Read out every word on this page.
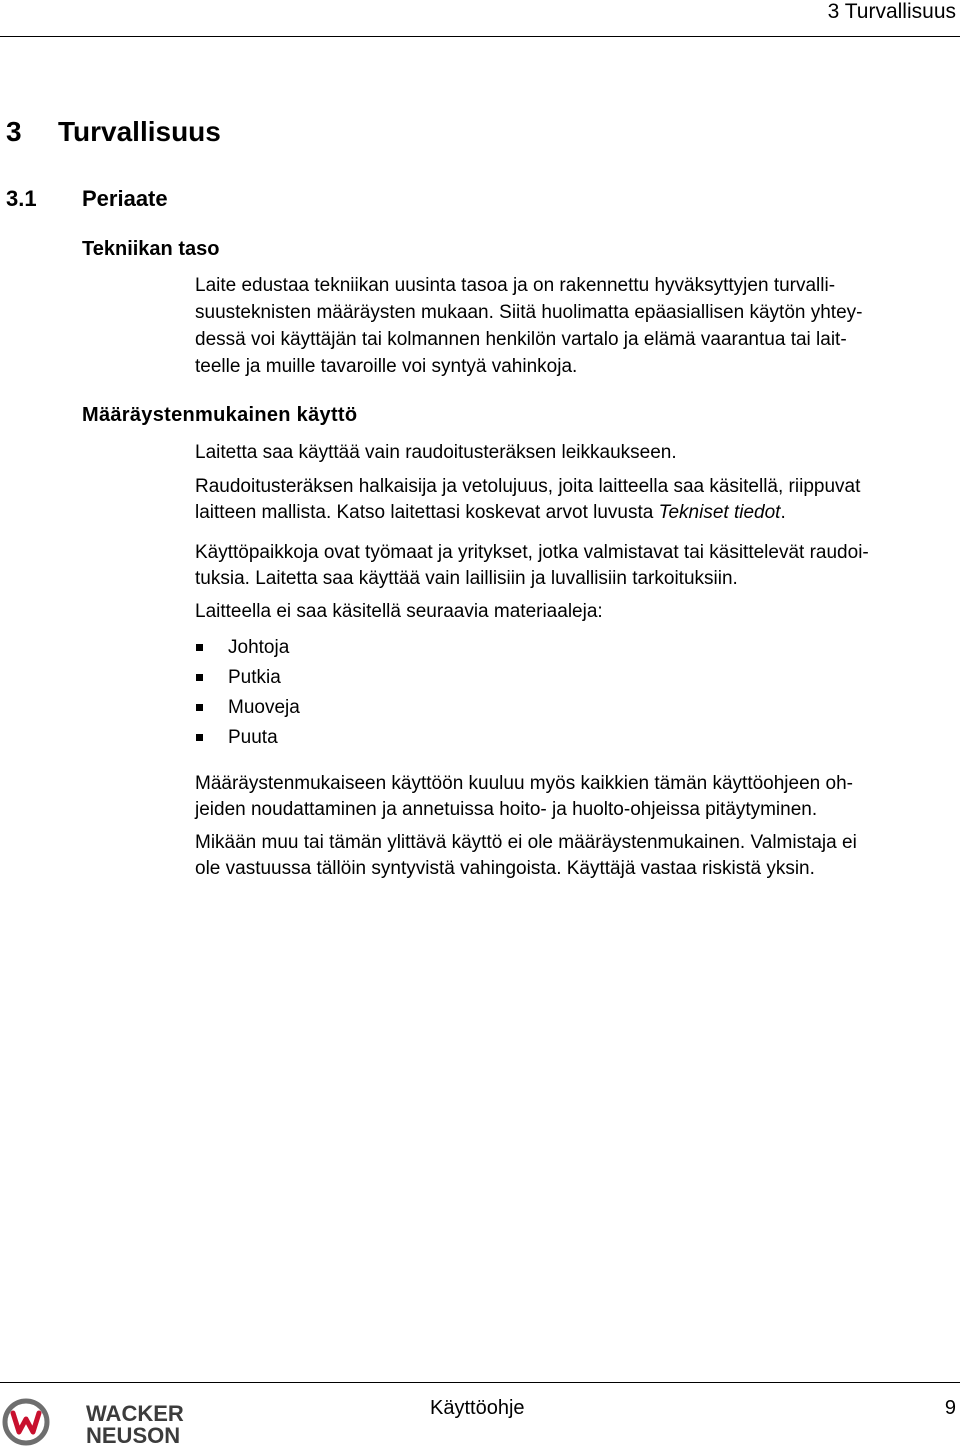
3 Turvallisuus
3 Turvallisuus
3.1 Periaate
Tekniikan taso

Laite edustaa tekniikan uusinta tasoa ja on rakennettu hyväksyttyjen turvalli-
suusteknisten määräysten mukaan. Siitä huolimatta epäasiallisen käytön yhtey-
dessä voi käyttäjän tai kolmannen henkilön vartalo ja elämä vaarantua tai lait-
teelle ja muille tavaroille voi syntyä vahinkoja.

Määräystenmukainen käyttö

Laitetta saa käyttää vain raudoitusteräksen leikkaukseen.

Raudoitusteräksen halkaisija ja vetolujuus, joita laitteella saa käsitellä, riippuvat
laitteen mallista. Katso laitettasi koskevat arvot luvusta Tekniset tiedot.

Käyttöpaikkoja ovat työmaat ja yritykset, jotka valmistavat tai käsittelevät raudoi-
tuksia. Laitetta saa käyttää vain laillisiin ja luvallisiin tarkoituksiin.

Laitteella ei saa käsitellä seuraavia materiaaleja:

Johtoja
Putkia
Muoveja
Puuta

Määräystenmukaiseen käyttöön kuuluu myös kaikkien tämän käyttöohjeen oh-
jeiden noudattaminen ja annetuissa hoito- ja huolto-ohjeissa pitäytyminen.

Mikään muu tai tämän ylittävä käyttö ei ole määräystenmukainen. Valmistaja ei
ole vastuussa tällöin syntyvistä vahingoista. Käyttäjä vastaa riskistä yksin.

WACKER
NEUSON
Käyttöohje	9
